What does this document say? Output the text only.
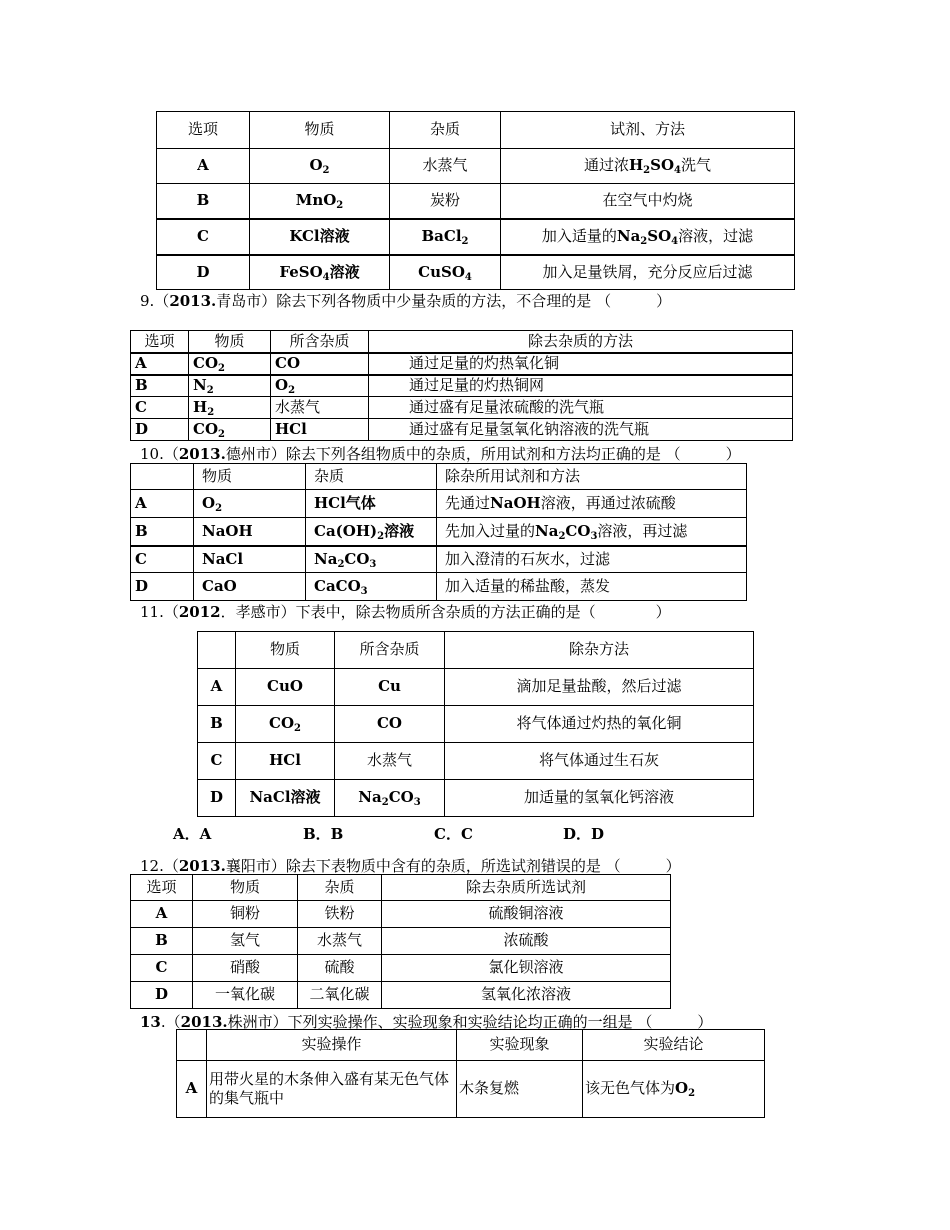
选项	物质	杂质	试剂、方法
A	$O_2$	水蒸气	通过浓$H_2SO_4$洗气
B	MnO$_2$	炭粉	在空气中灼烧
C	KCl溶液	BaCl$_2$	加入适量的$Na_2SO_4$溶液，过滤
D	FeSO$_4$溶液	CuSO$_4$	加入足量铁屑，充分反应后过滤
9.（2013.青岛市）除去下列各物质中少量杂质的方法，不合理的是 （　　　）
选项	物质	所含杂质	除去杂质的方法
A	$CO_2$	CO	通过足量的灼热氧化铜
B	$N_2$	$O_2$	通过足量的灼热铜网
C	$H_2$	水蒸气	通过盛有足量浓硫酸的洗气瓶
D	$CO_2$	HCl	通过盛有足量氢氧化钠溶液的洗气瓶
10.（2013.德州市）除去下列各组物质中的杂质，所用试剂和方法均正确的是 （　　　）
	物质	杂质	除杂所用试剂和方法
A	$O_2$	HCl气体	先通过NaOH溶液，再通过浓硫酸
B	NaOH	$Ca(OH)_2$溶液	先加入过量的$Na_2CO_3$溶液，再过滤
C	NaCl	$Na_2CO_3$	加入澄清的石灰水，过滤
D	CaO	CaCO$_3$	加入适量的稀盐酸，蒸发
11.（2012．孝感市）下表中，除去物质所含杂质的方法正确的是（　　　　）
	物质	所含杂质	除杂方法
A	CuO	Cu	滴加足量盐酸，然后过滤
B	$CO_2$	CO	将气体通过灼热的氧化铜
C	HCl	水蒸气	将气体通过生石灰
D	NaCl溶液	$Na_2CO_3$	加适量的氢氧化钙溶液
A．A	B．B	C．C	D．D
12.（2013.襄阳市）除去下表物质中含有的杂质，所选试剂错误的是 （　　　）
选项	物质	杂质	除去杂质所选试剂
A	铜粉	铁粉	硫酸铜溶液
B	氢气	水蒸气	浓硫酸
C	硝酸	硫酸	氯化钡溶液
D	一氧化碳	二氧化碳	氢氧化浓溶液
13.（2013.株洲市）下列实验操作、实验现象和实验结论均正确的一组是 （　　　）
	实验操作	实验现象	实验结论
A	用带火星的木条伸入盛有某无色气体的集气瓶中	木条复燃	该无色气体为$O_2$
